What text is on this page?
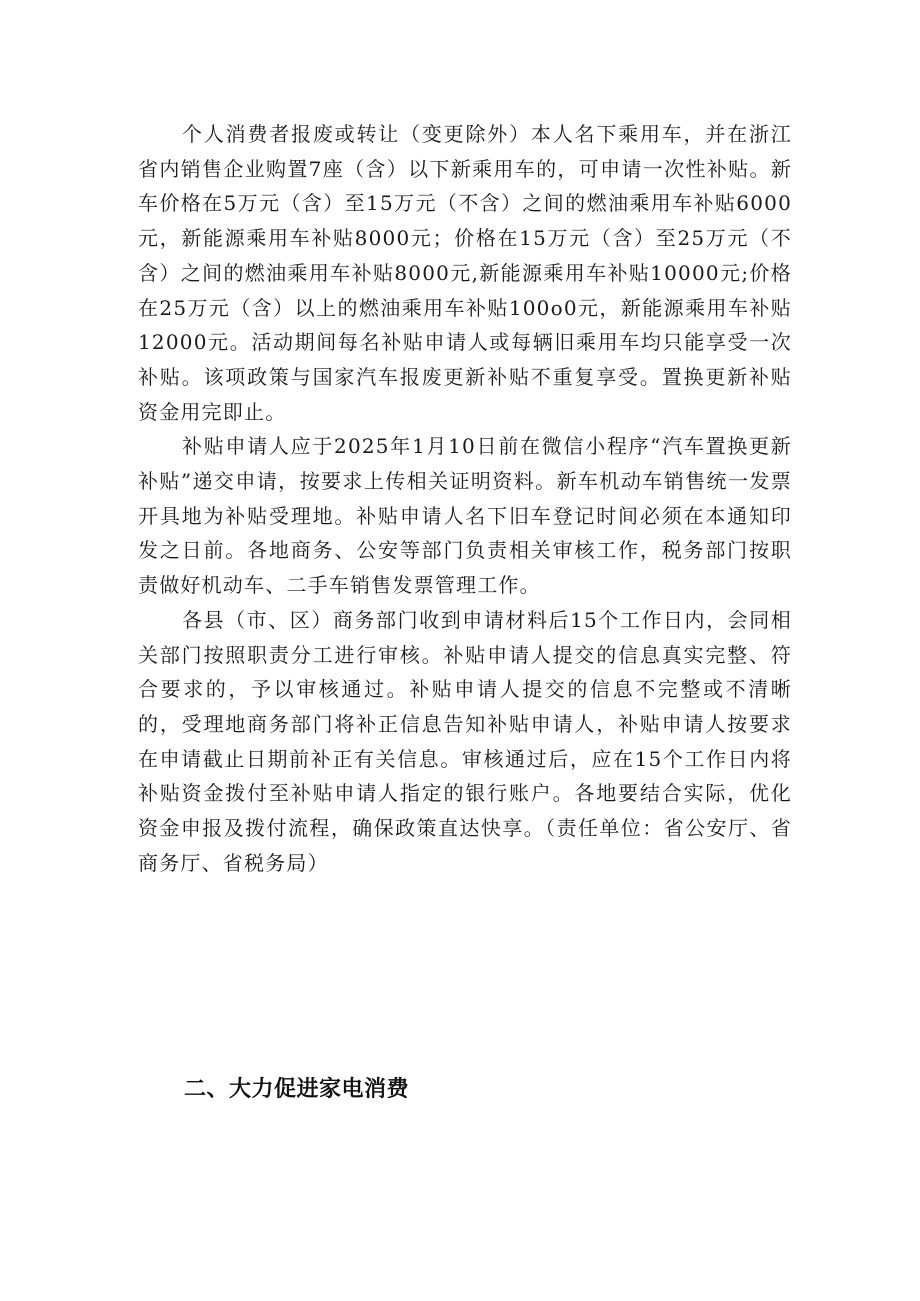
个人消费者报废或转让（变更除外）本人名下乘用车，并在浙江省内销售企业购置7座（含）以下新乘用车的，可申请一次性补贴。新车价格在5万元（含）至15万元（不含）之间的燃油乘用车补贴6000元，新能源乘用车补贴8000元；价格在15万元（含）至25万元（不含）之间的燃油乘用车补贴8000元,新能源乘用车补贴10000元;价格在25万元（含）以上的燃油乘用车补贴100o0元，新能源乘用车补贴12000元。活动期间每名补贴申请人或每辆旧乘用车均只能享受一次补贴。该项政策与国家汽车报废更新补贴不重复享受。置换更新补贴资金用完即止。

补贴申请人应于2025年1月10日前在微信小程序“汽车置换更新补贴”递交申请，按要求上传相关证明资料。新车机动车销售统一发票开具地为补贴受理地。补贴申请人名下旧车登记时间必须在本通知印发之日前。各地商务、公安等部门负责相关审核工作，税务部门按职责做好机动车、二手车销售发票管理工作。

各县（市、区）商务部门收到申请材料后15个工作日内，会同相关部门按照职责分工进行审核。补贴申请人提交的信息真实完整、符合要求的，予以审核通过。补贴申请人提交的信息不完整或不清晰的，受理地商务部门将补正信息告知补贴申请人，补贴申请人按要求在申请截止日期前补正有关信息。审核通过后，应在15个工作日内将补贴资金拨付至补贴申请人指定的银行账户。各地要结合实际，优化资金申报及拨付流程，确保政策直达快享。（责任单位：省公安厅、省商务厅、省税务局）

二、大力促进家电消费
